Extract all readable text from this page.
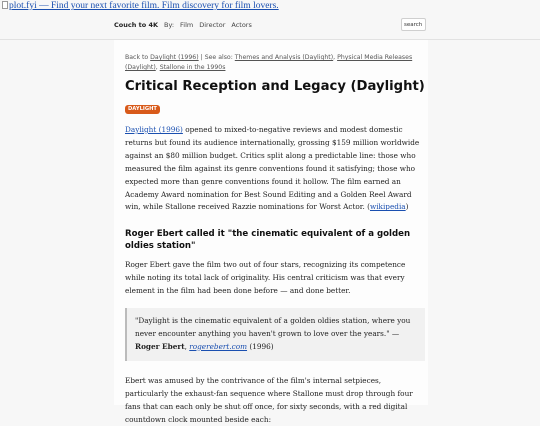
plot.fyi — Find your next favorite film. Film discovery for film lovers.
Couch to 4K By: Film Director Actors	search
Back to Daylight (1996) | See also: Themes and Analysis (Daylight), Physical Media Releases (Daylight), Stallone in the 1990s
Critical Reception and Legacy (Daylight)
DAYLIGHT

Daylight (1996) opened to mixed-to-negative reviews and modest domestic returns but found its audience internationally, grossing $159 million worldwide against an $80 million budget. Critics split along a predictable line: those who measured the film against its genre conventions found it satisfying; those who expected more than genre conventions found it hollow. The film earned an Academy Award nomination for Best Sound Editing and a Golden Reel Award win, while Stallone received Razzie nominations for Worst Actor. (wikipedia)

Roger Ebert called it "the cinematic equivalent of a golden oldies station"

Roger Ebert gave the film two out of four stars, recognizing its competence while noting its total lack of originality. His central criticism was that every element in the film had been done before — and done better.

"Daylight is the cinematic equivalent of a golden oldies station, where you never encounter anything you haven't grown to love over the years." — Roger Ebert, rogerebert.com (1996)

Ebert was amused by the contrivance of the film's internal setpieces, particularly the exhaust-fan sequence where Stallone must drop through four fans that can each only be shut off once, for sixty seconds, with a red digital countdown clock mounted beside each:
